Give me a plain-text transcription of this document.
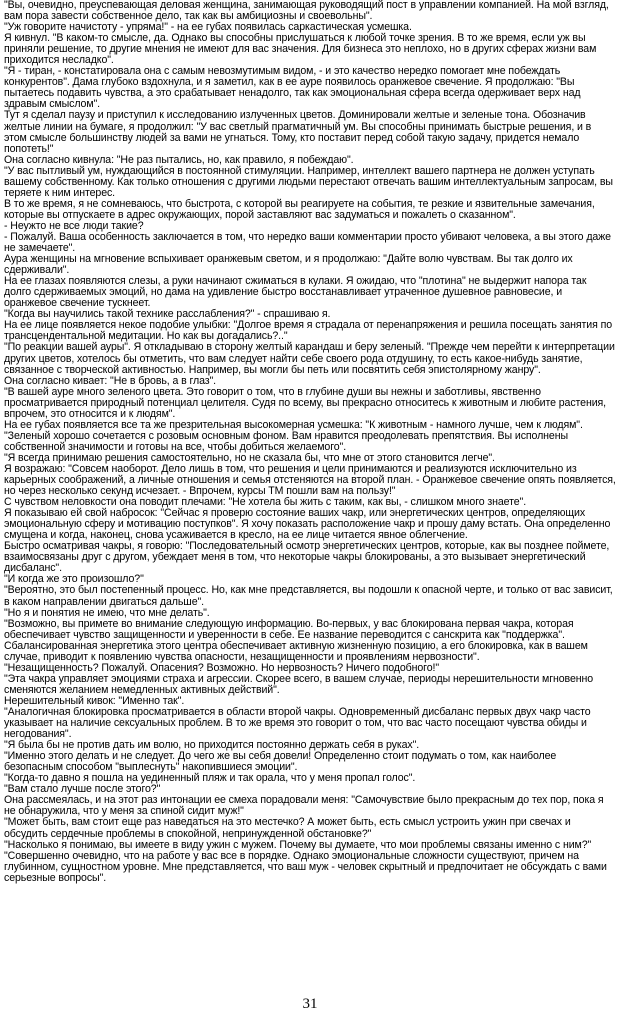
"Вы, очевидно, преуспевающая деловая женщина, занимающая руководящий пост в управлении компанией. На мой взгляд, вам пора завести собственное дело, так как вы амбициозны и своевольны".

"Уж говорите начистоту - упряма!" - на ее губах появилась саркастическая усмешка.

Я кивнул. "В каком-то смысле, да. Однако вы способны прислушаться к любой точке зрения. В то же время, если уж вы приняли решение, то другие мнения не имеют для вас значения. Для бизнеса это неплохо, но в других сферах жизни вам приходится несладко".

"Я - тиран, - констатировала она с самым невозмутимым видом, - и это качество нередко помогает мне побеждать конкурентов". Дама глубоко вздохнула, и я заметил, как в ее ауре появилось оранжевое свечение. Я продолжаю: "Вы пытаетесь подавить чувства, а это срабатывает ненадолго, так как эмоциональная сфера всегда одерживает верх над здравым смыслом".

Тут я сделал паузу и приступил к исследованию излученных цветов. Доминировали желтые и зеленые тона. Обозначив желтые линии на бумаге, я продолжил: "У вас светлый прагматичный ум. Вы способны принимать быстрые решения, и в этом смысле большинству людей за вами не угнаться. Тому, кто поставит перед собой такую задачу, придется немало попотеть!"

Она согласно кивнула: "Не раз пытались, но, как правило, я побеждаю".

"У вас пытливый ум, нуждающийся в постоянной стимуляции. Например, интеллект вашего партнера не должен уступать вашему собственному. Как только отношения с другими людьми перестают отвечать вашим интеллектуальным запросам, вы теряете к ним интерес.

В то же время, я не сомневаюсь, что быстрота, с которой вы реагируете на события, те резкие и язвительные замечания, которые вы отпускаете в адрес окружающих, порой заставляют вас задуматься и пожалеть о сказанном".

- Неужто не все люди такие?

- Пожалуй. Ваша особенность заключается в том, что нередко ваши комментарии просто убивают человека, а вы этого даже не замечаете".

Аура женщины на мгновение вспыхивает оранжевым светом, и я продолжаю: "Дайте волю чувствам. Вы так долго их сдерживали".

На ее глазах появляются слезы, а руки начинают сжиматься в кулаки. Я ожидаю, что "плотина" не выдержит напора так долго сдерживаемых эмоций, но дама на удивление быстро восстанавливает утраченное душевное равновесие, и оранжевое свечение тускнеет.

"Когда вы научились такой технике расслабления?" - спрашиваю я.

На ее лице появляется некое подобие улыбки: "Долгое время я страдала от перенапряжения и решила посещать занятия по трансцендентальной медитации. Но как вы догадались?.."

"По реакции вашей ауры". Я откладываю в сторону желтый карандаш и беру зеленый. "Прежде чем перейти к интерпретации других цветов, хотелось бы отметить, что вам следует найти себе своего рода отдушину, то есть какое-нибудь занятие, связанное с творческой активностью. Например, вы могли бы петь или посвятить себя эпистолярному жанру".

Она согласно кивает: "Не в бровь, а в глаз".

"В вашей ауре много зеленого цвета. Это говорит о том, что в глубине души вы нежны и заботливы, явственно просматривается природный потенциал целителя. Судя по всему, вы прекрасно относитесь к животным и любите растения, впрочем, это относится и к людям".

На ее губах появляется все та же презрительная высокомерная усмешка: "К животным - намного лучше, чем к людям".

"Зеленый хорошо сочетается с розовым основным фоном. Вам нравится преодолевать препятствия. Вы исполнены собственной значимости и готовы на все, чтобы добиться желаемого".

"Я всегда принимаю решения самостоятельно, но не сказала бы, что мне от этого становится легче".

Я возражаю: "Совсем наоборот. Дело лишь в том, что решения и цели принимаются и реализуются исключительно из карьерных соображений, а личные отношения и семья отстеняются на второй план. - Оранжевое свечение опять появляется, но через несколько секунд исчезает. - Впрочем, курсы ТМ пошли вам на пользу!"

С чувством неловкости она поводит плечами: "Не хотела бы жить с таким, как вы, - слишком много знаете".

Я показываю ей свой набросок: "Сейчас я проверю состояние ваших чакр, или энергетических центров, определяющих эмоциональную сферу и мотивацию поступков". Я хочу показать расположение чакр и прошу даму встать. Она определенно смущена и когда, наконец, снова усаживается в кресло, на ее лице читается явное облегчение.

Быстро осматривая чакры, я говорю: "Последовательный осмотр энергетических центров, которые, как вы позднее поймете, взаимосвязаны друг с другом, убеждает меня в том, что некоторые чакры блокированы, а это вызывает энергетический дисбаланс".

"И когда же это произошло?"

"Вероятно, это был постепенный процесс. Но, как мне представляется, вы подошли к опасной черте, и только от вас зависит, в каком направлении двигаться дальше".

"Но я и понятия не имею, что мне делать".

"Возможно, вы примете во внимание следующую информацию. Во-первых, у вас блокирована первая чакра, которая обеспечивает чувство защищенности и уверенности в себе. Ее название переводится с санскрита как "поддержка". Сбалансированная энергетика этого центра обеспечивает активную жизненную позицию, а его блокировка, как в вашем случае, приводит к появлению чувства опасности, незащищенности и проявлениям нервозности".

"Незащищенность? Пожалуй. Опасения? Возможно. Но нервозность? Ничего подобного!"

"Эта чакра управляет эмоциями страха и агрессии. Скорее всего, в вашем случае, периоды нерешительности мгновенно сменяются желанием немедленных активных действий".

Нерешительный кивок: "Именно так".

"Аналогичная блокировка просматривается в области второй чакры. Одновременный дисбаланс первых двух чакр часто указывает на наличие сексуальных проблем. В то же время это говорит о том, что вас часто посещают чувства обиды и негодования".

"Я была бы не против дать им волю, но приходится постоянно держать себя в руках".

"Именно этого делать и не следует. До чего же вы себя довели! Определенно стоит подумать о том, как наиболее безопасным способом "выплеснуть" накопившиеся эмоции".

"Когда-то давно я пошла на уединенный пляж и так орала, что у меня пропал голос".

"Вам стало лучше после этого?"

Она рассмеялась, и на этот раз интонации ее смеха порадовали меня: "Самочувствие было прекрасным до тех пор, пока я не обнаружила, что у меня за спиной сидит муж!"

"Может быть, вам стоит еще раз наведаться на это местечко? А может быть, есть смысл устроить ужин при свечах и обсудить сердечные проблемы в спокойной, непринужденной обстановке?"

"Насколько я понимаю, вы имеете в виду ужин с мужем. Почему вы думаете, что мои проблемы связаны именно с ним?"

"Совершенно очевидно, что на работе у вас все в порядке. Однако эмоциональные сложности существуют, причем на глубинном, сущностном уровне. Мне представляется, что ваш муж - человек скрытный и предпочитает не обсуждать с вами серьезные вопросы".

31
